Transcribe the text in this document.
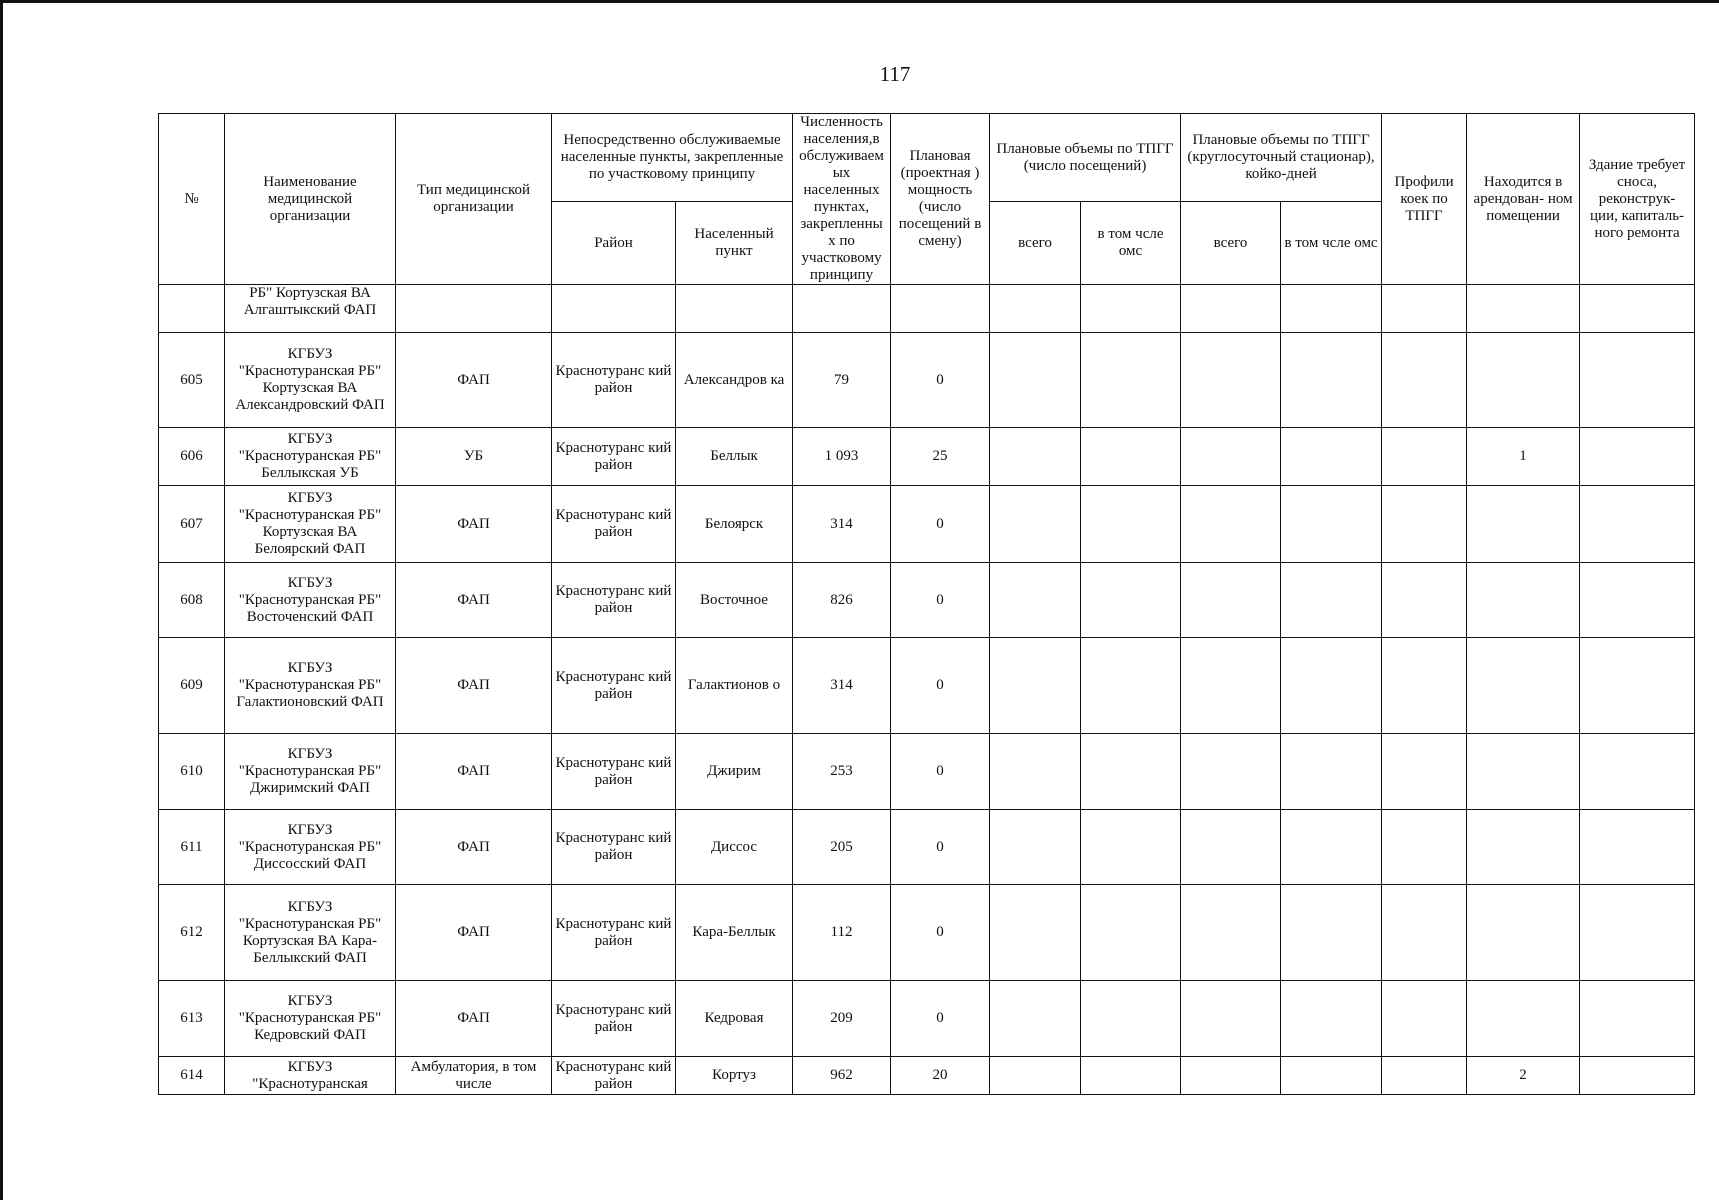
117
№	Наименование медицинской организации	Тип медицинской организации	Непосредственно обслуживаемые населенные пункты, закрепленные по участковому принципу		Численность населения,в обслуживаем ых населенных пунктах, закрепленны х по участковому принципу	Плановая (проектная ) мощность (число посещений в смену)	Плановые объемы по ТПГГ (число посещений)		Плановые объемы по ТПГГ (круглосуточный стационар), койко-дней		Профили коек по ТПГГ	Находится в арендован- ном помещении	Здание требует сноса, реконструк- ции, капиталь- ного ремонта
			Район	Населенный пункт			всего	в том чсле омс	всего	в том чсле омс			
	РБ" Кортузская ВА Алгаштыкский ФАП												
605	КГБУЗ "Краснотуранская РБ" Кортузская ВА Александровский ФАП	ФАП	Краснотуранс кий район	Александров ка	79	0							
606	КГБУЗ "Краснотуранская РБ" Беллыкская УБ	УБ	Краснотуранс кий район	Беллык	1 093	25						1	
607	КГБУЗ "Краснотуранская РБ" Кортузская ВА Белоярский ФАП	ФАП	Краснотуранс кий район	Белоярск	314	0							
608	КГБУЗ "Краснотуранская РБ" Восточенский ФАП	ФАП	Краснотуранс кий район	Восточное	826	0							
609	КГБУЗ "Краснотуранская РБ" Галактионовский ФАП	ФАП	Краснотуранс кий район	Галактионов о	314	0							
610	КГБУЗ "Краснотуранская РБ" Джиримский ФАП	ФАП	Краснотуранс кий район	Джирим	253	0							
611	КГБУЗ "Краснотуранская РБ" Диссосский ФАП	ФАП	Краснотуранс кий район	Диссос	205	0							
612	КГБУЗ "Краснотуранская РБ" Кортузская ВА Кара-Беллыкский ФАП	ФАП	Краснотуранс кий район	Кара-Беллык	112	0							
613	КГБУЗ "Краснотуранская РБ" Кедровский ФАП	ФАП	Краснотуранс кий район	Кедровая	209	0							
614	КГБУЗ "Краснотуранская	Амбулатория, в том числе	Краснотуранс кий район	Кортуз	962	20						2	
